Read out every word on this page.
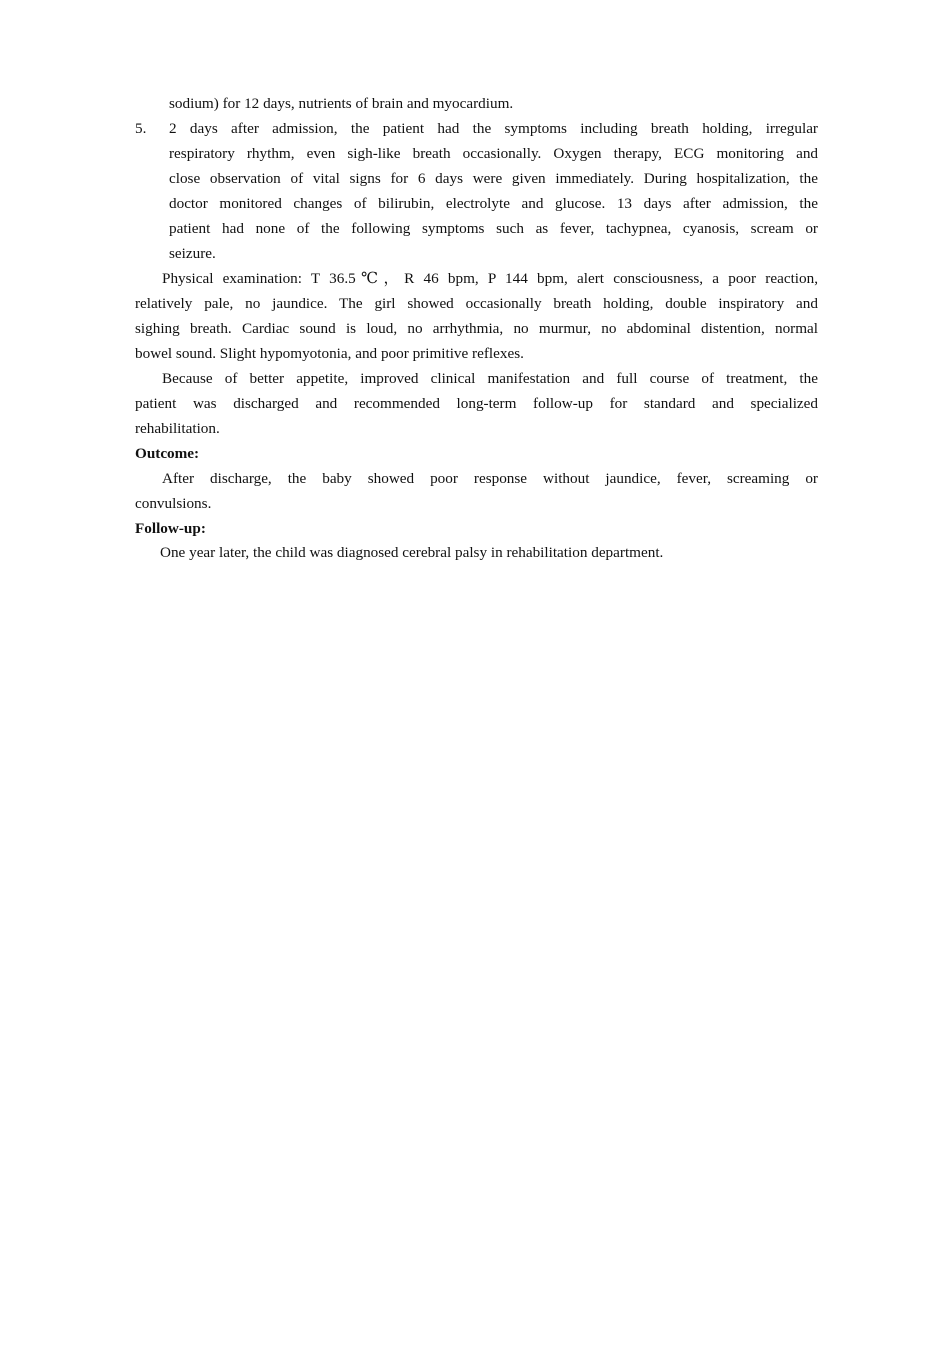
sodium) for 12 days, nutrients of brain and myocardium.
5. 2 days after admission, the patient had the symptoms including breath holding, irregular
respiratory rhythm, even sigh-like breath occasionally. Oxygen therapy, ECG monitoring and
close observation of vital signs for 6 days were given immediately. During hospitalization, the
doctor monitored changes of bilirubin, electrolyte and glucose. 13 days after admission, the
patient had none of the following symptoms such as fever, tachypnea, cyanosis, scream or
seizure.
Physical examination: T 36.5℃，R 46 bpm, P 144 bpm, alert consciousness, a poor reaction,
relatively pale, no jaundice. The girl showed occasionally breath holding, double inspiratory and
sighing breath. Cardiac sound is loud, no arrhythmia, no murmur, no abdominal distention, normal
bowel sound. Slight hypomyotonia, and poor primitive reflexes.
Because of better appetite, improved clinical manifestation and full course of treatment, the
patient was discharged and recommended long-term follow-up for standard and specialized
rehabilitation.
Outcome:
After discharge, the baby showed poor response without jaundice, fever, screaming or
convulsions.
Follow-up:
One year later, the child was diagnosed cerebral palsy in rehabilitation department.
